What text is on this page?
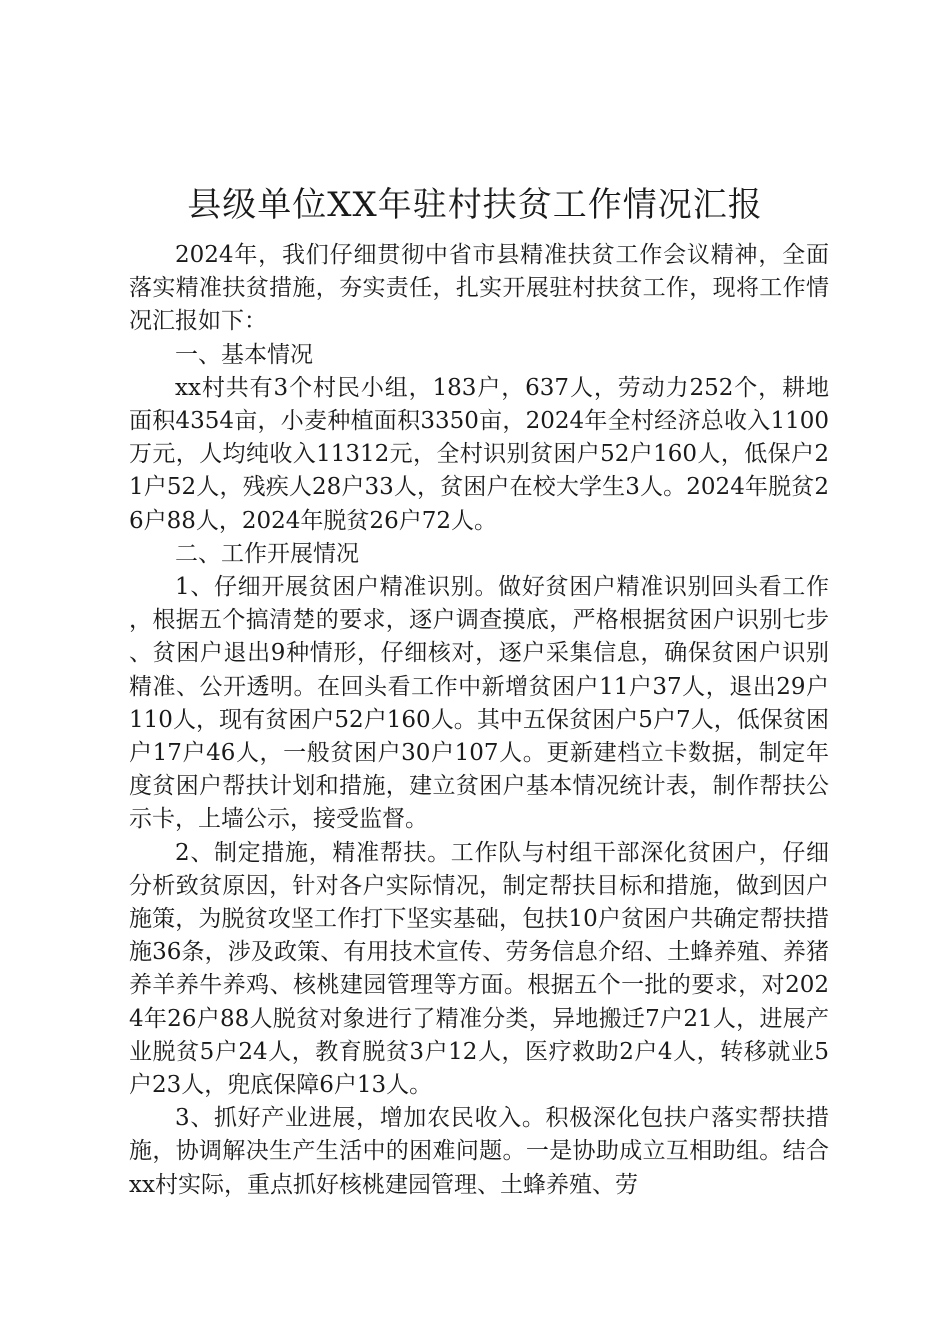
县级单位XX年驻村扶贫工作情况汇报

2024年，我们仔细贯彻中省市县精准扶贫工作会议精神，全面落实精准扶贫措施，夯实责任，扎实开展驻村扶贫工作，现将工作情况汇报如下：

一、基本情况

xx村共有3个村民小组，183户，637人，劳动力252个，耕地面积4354亩，小麦种植面积3350亩，2024年全村经济总收入1100万元，人均纯收入11312元，全村识别贫困户52户160人，低保户21户52人，残疾人28户33人，贫困户在校大学生3人。2024年脱贫26户88人，2024年脱贫26户72人。

二、工作开展情况

1、仔细开展贫困户精准识别。做好贫困户精准识别回头看工作，根据五个搞清楚的要求，逐户调查摸底，严格根据贫困户识别七步、贫困户退出9种情形，仔细核对，逐户采集信息，确保贫困户识别精准、公开透明。在回头看工作中新增贫困户11户37人，退出29户110人，现有贫困户52户160人。其中五保贫困户5户7人，低保贫困户17户46人，一般贫困户30户107人。更新建档立卡数据，制定年度贫困户帮扶计划和措施，建立贫困户基本情况统计表，制作帮扶公示卡，上墙公示，接受监督。

2、制定措施，精准帮扶。工作队与村组干部深化贫困户，仔细分析致贫原因，针对各户实际情况，制定帮扶目标和措施，做到因户施策，为脱贫攻坚工作打下坚实基础，包扶10户贫困户共确定帮扶措施36条，涉及政策、有用技术宣传、劳务信息介绍、土蜂养殖、养猪养羊养牛养鸡、核桃建园管理等方面。根据五个一批的要求，对2024年26户88人脱贫对象进行了精准分类，异地搬迁7户21人，进展产业脱贫5户24人，教育脱贫3户12人，医疗救助2户4人，转移就业5户23人，兜底保障6户13人。

3、抓好产业进展，增加农民收入。积极深化包扶户落实帮扶措施，协调解决生产生活中的困难问题。一是协助成立互相助组。结合xx村实际，重点抓好核桃建园管理、土蜂养殖、劳
